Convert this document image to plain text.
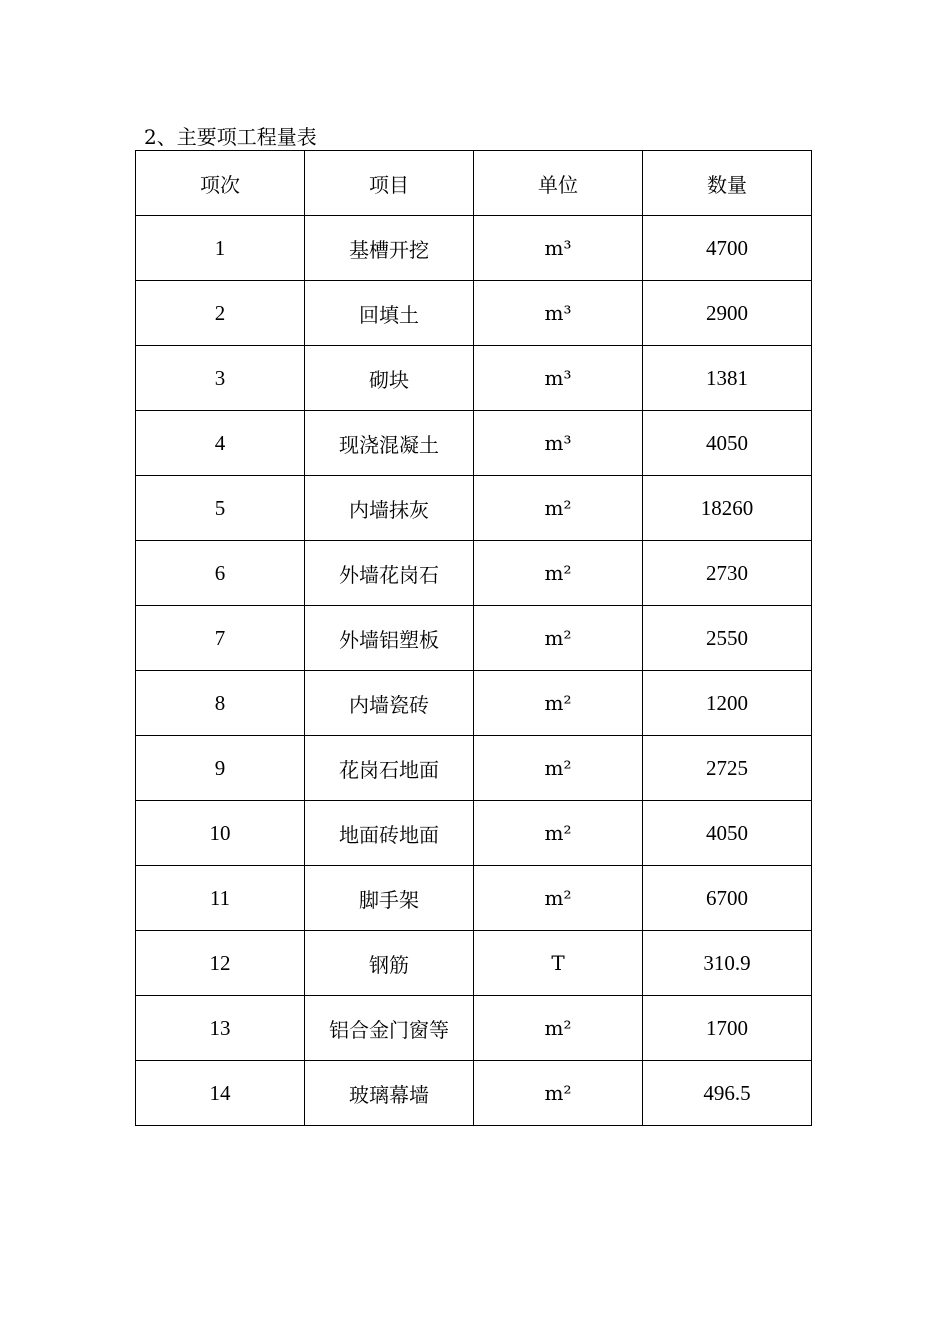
2、主要项工程量表
项次	项目	单位	数量
1	基槽开挖	m³	4700
2	回填土	m³	2900
3	砌块	m³	1381
4	现浇混凝土	m³	4050
5	内墙抹灰	m²	18260
6	外墙花岗石	m²	2730
7	外墙铝塑板	m²	2550
8	内墙瓷砖	m²	1200
9	花岗石地面	m²	2725
10	地面砖地面	m²	4050
11	脚手架	m²	6700
12	钢筋	T	310.9
13	铝合金门窗等	m²	1700
14	玻璃幕墙	m²	496.5
